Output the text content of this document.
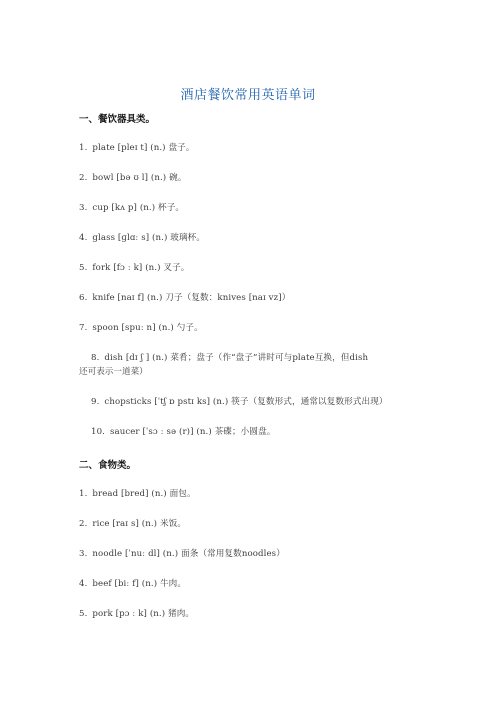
酒店餐饮常用英语单词
一、餐饮器具类。
1. plate [pleɪ t] (n.) 盘子。
2. bowl [bə ʊ l] (n.) 碗。
3. cup [kʌ p] (n.) 杯子。
4. glass [ɡlɑː s] (n.) 玻璃杯。
5. fork [fɔ ː k] (n.) 叉子。
6. knife [naɪ f] (n.) 刀子（复数：knives [naɪ vz]）
7. spoon [spuː n] (n.) 勺子。
8. dish [dɪ ʃ ] (n.) 菜肴；盘子（作“盘子”讲时可与plate互换，但dish
还可表示一道菜）
9. chopsticks [ˈtʃ ɒ pstɪ ks] (n.) 筷子（复数形式，通常以复数形式出现）
10. saucer [ˈsɔ ː sə (r)] (n.) 茶碟；小圆盘。
二、食物类。
1. bread [bred] (n.) 面包。
2. rice [raɪ s] (n.) 米饭。
3. noodle [ˈnuː dl] (n.) 面条（常用复数noodles）
4. beef [biː f] (n.) 牛肉。
5. pork [pɔ ː k] (n.) 猪肉。
